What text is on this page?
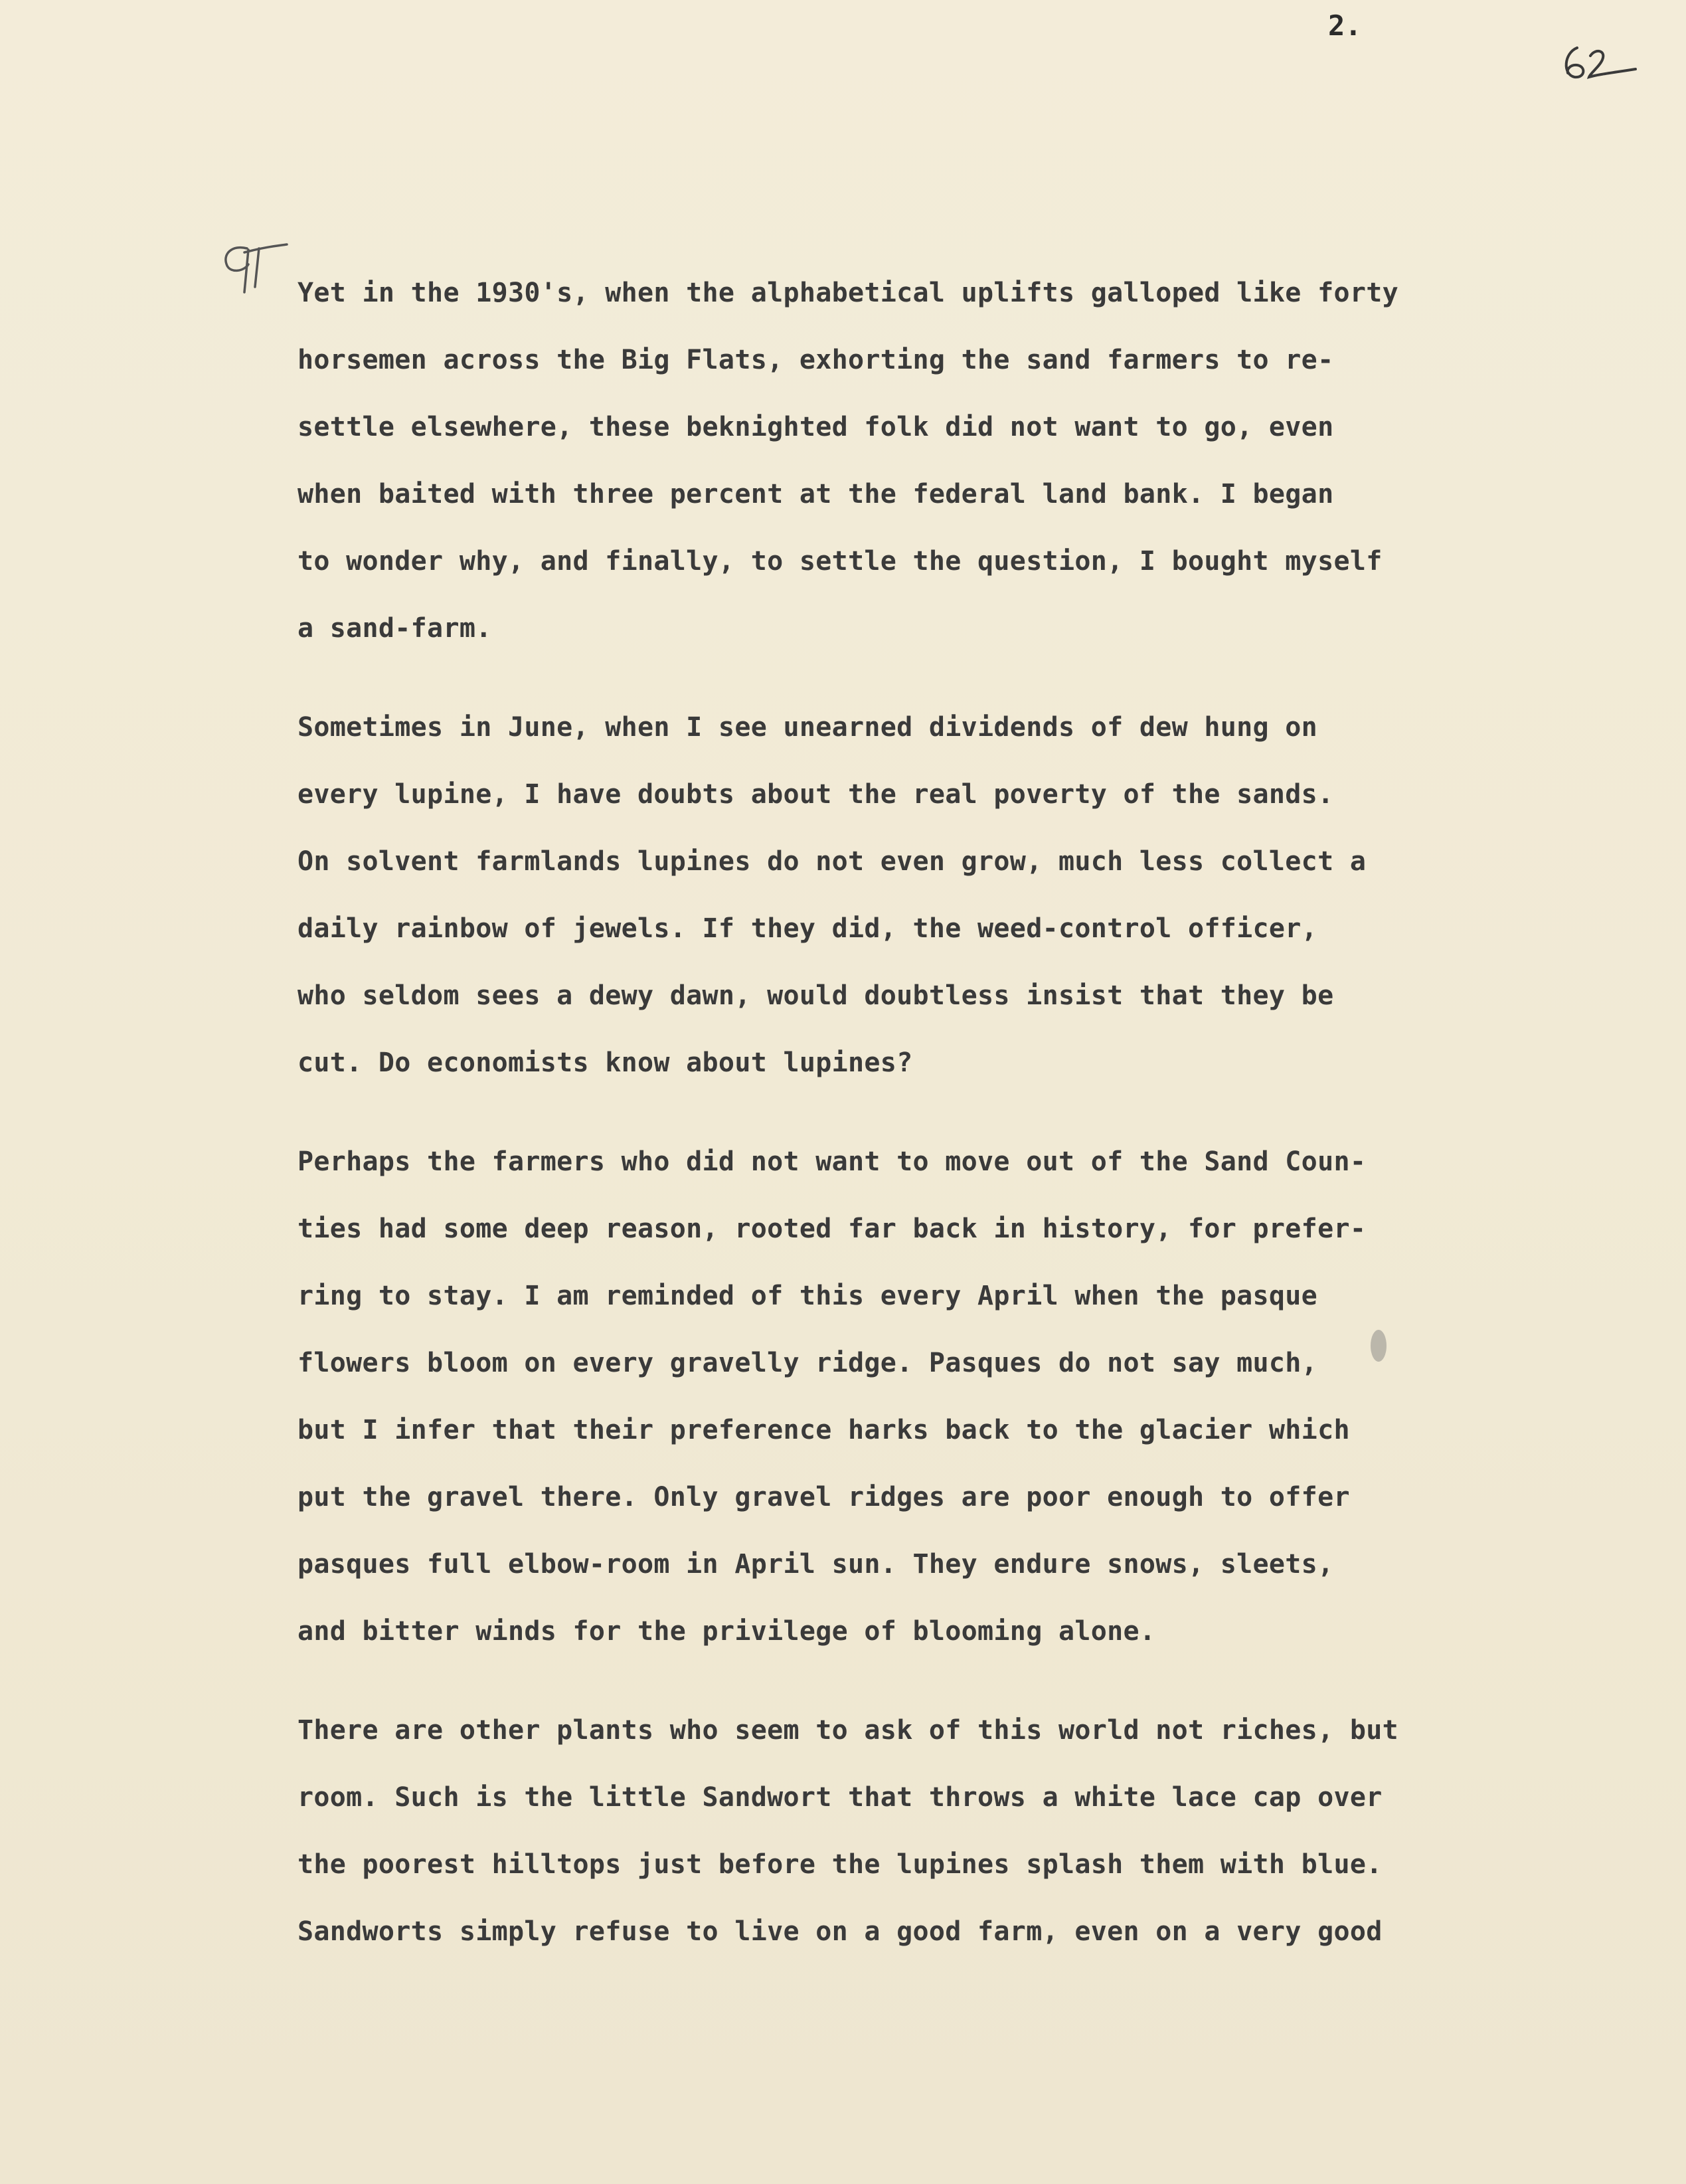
2.
Yet in the 1930's, when the alphabetical uplifts galloped like forty
horsemen across the Big Flats, exhorting the sand farmers to re-
settle elsewhere, these beknighted folk did not want to go, even
when baited with three percent at the federal land bank. I began
to wonder why, and finally, to settle the question, I bought myself
a sand-farm.
Sometimes in June, when I see unearned dividends of dew hung on
every lupine, I have doubts about the real poverty of the sands.
On solvent farmlands lupines do not even grow, much less collect a
daily rainbow of jewels. If they did, the weed-control officer,
who seldom sees a dewy dawn, would doubtless insist that they be
cut. Do economists know about lupines?
Perhaps the farmers who did not want to move out of the Sand Coun-
ties had some deep reason, rooted far back in history, for prefer-
ring to stay. I am reminded of this every April when the pasque
flowers bloom on every gravelly ridge. Pasques do not say much,
but I infer that their preference harks back to the glacier which
put the gravel there. Only gravel ridges are poor enough to offer
pasques full elbow-room in April sun. They endure snows, sleets,
and bitter winds for the privilege of blooming alone.
There are other plants who seem to ask of this world not riches, but
room. Such is the little Sandwort that throws a white lace cap over
the poorest hilltops just before the lupines splash them with blue.
Sandworts simply refuse to live on a good farm, even on a very good
